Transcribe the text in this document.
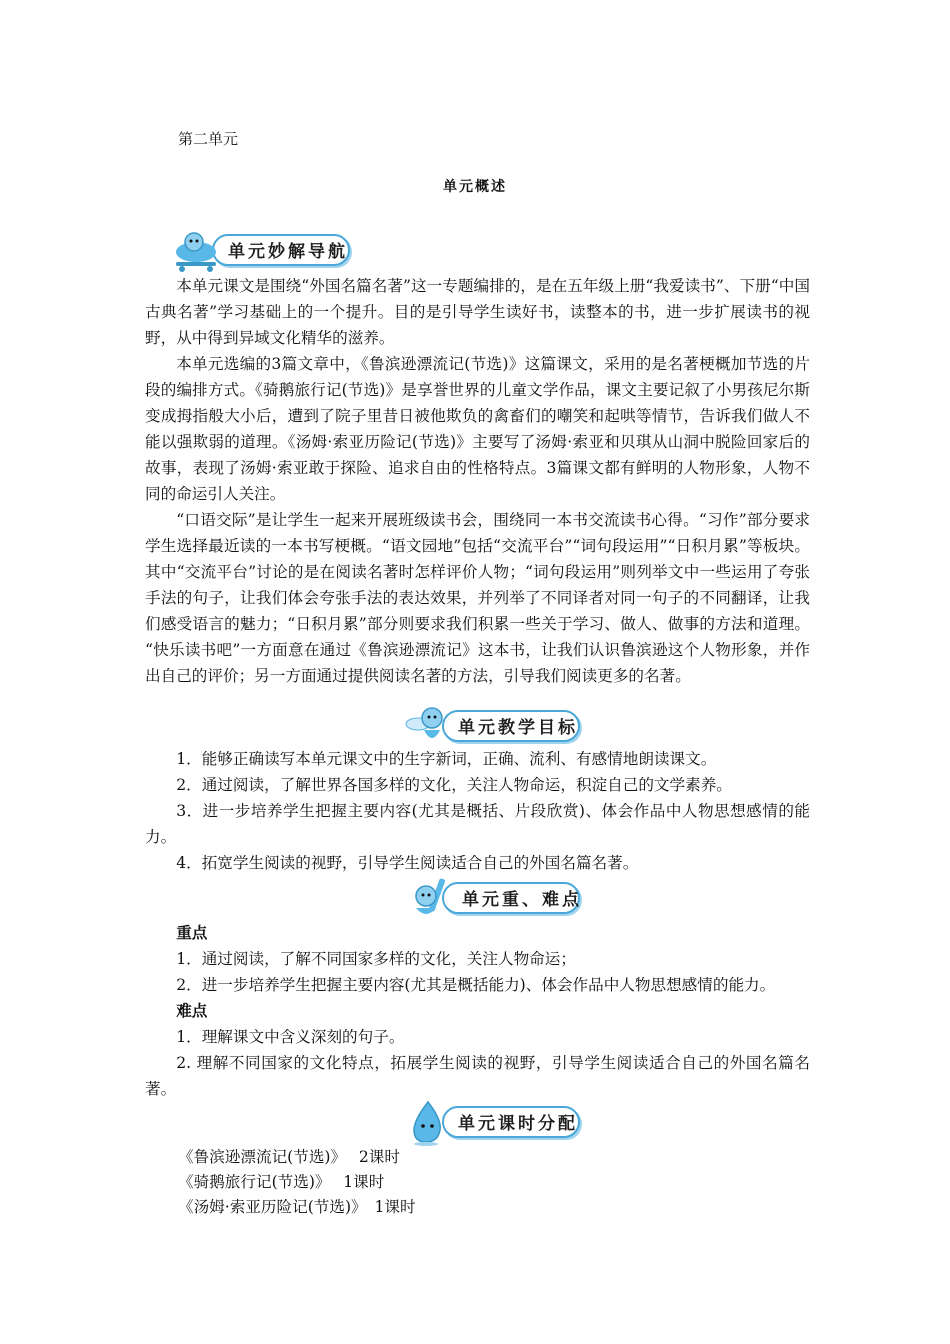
第二单元
单元概述
单元妙解导航

本单元课文是围绕“外国名篇名著”这一专题编排的，是在五年级上册“我爱读书”、下册“中国古典名著”学习基础上的一个提升。目的是引导学生读好书，读整本的书，进一步扩展读书的视野，从中得到异域文化精华的滋养。

本单元选编的3篇文章中，《鲁滨逊漂流记(节选)》这篇课文，采用的是名著梗概加节选的片段的编排方式。《骑鹅旅行记(节选)》是享誉世界的儿童文学作品，课文主要记叙了小男孩尼尔斯变成拇指般大小后，遭到了院子里昔日被他欺负的禽畜们的嘲笑和起哄等情节，告诉我们做人不能以强欺弱的道理。《汤姆·索亚历险记(节选)》主要写了汤姆·索亚和贝琪从山洞中脱险回家后的故事，表现了汤姆·索亚敢于探险、追求自由的性格特点。3篇课文都有鲜明的人物形象，人物不同的命运引人关注。

“口语交际”是让学生一起来开展班级读书会，围绕同一本书交流读书心得。“习作”部分要求学生选择最近读的一本书写梗概。“语文园地”包括“交流平台”“词句段运用”“日积月累”等板块。其中“交流平台”讨论的是在阅读名著时怎样评价人物；“词句段运用”则列举文中一些运用了夸张手法的句子，让我们体会夸张手法的表达效果，并列举了不同译者对同一句子的不同翻译，让我们感受语言的魅力；“日积月累”部分则要求我们积累一些关于学习、做人、做事的方法和道理。 “快乐读书吧”一方面意在通过《鲁滨逊漂流记》这本书，让我们认识鲁滨逊这个人物形象，并作出自己的评价；另一方面通过提供阅读名著的方法，引导我们阅读更多的名著。

单元教学目标

1．能够正确读写本单元课文中的生字新词，正确、流利、有感情地朗读课文。

2．通过阅读，了解世界各国多样的文化，关注人物命运，积淀自己的文学素养。

3．进一步培养学生把握主要内容(尤其是概括、片段欣赏)、体会作品中人物思想感情的能力。

4．拓宽学生阅读的视野，引导学生阅读适合自己的外国名篇名著。

单元重、难点

重点

1．通过阅读，了解不同国家多样的文化，关注人物命运；

2．进一步培养学生把握主要内容(尤其是概括能力)、体会作品中人物思想感情的能力。

难点

1．理解课文中含义深刻的句子。

2. 理解不同国家的文化特点，拓展学生阅读的视野，引导学生阅读适合自己的外国名篇名著。

单元课时分配
《鲁滨逊漂流记(节选)》　 2课时
《骑鹅旅行记(节选)》　 1课时
《汤姆·索亚历险记(节选)》　1课时
